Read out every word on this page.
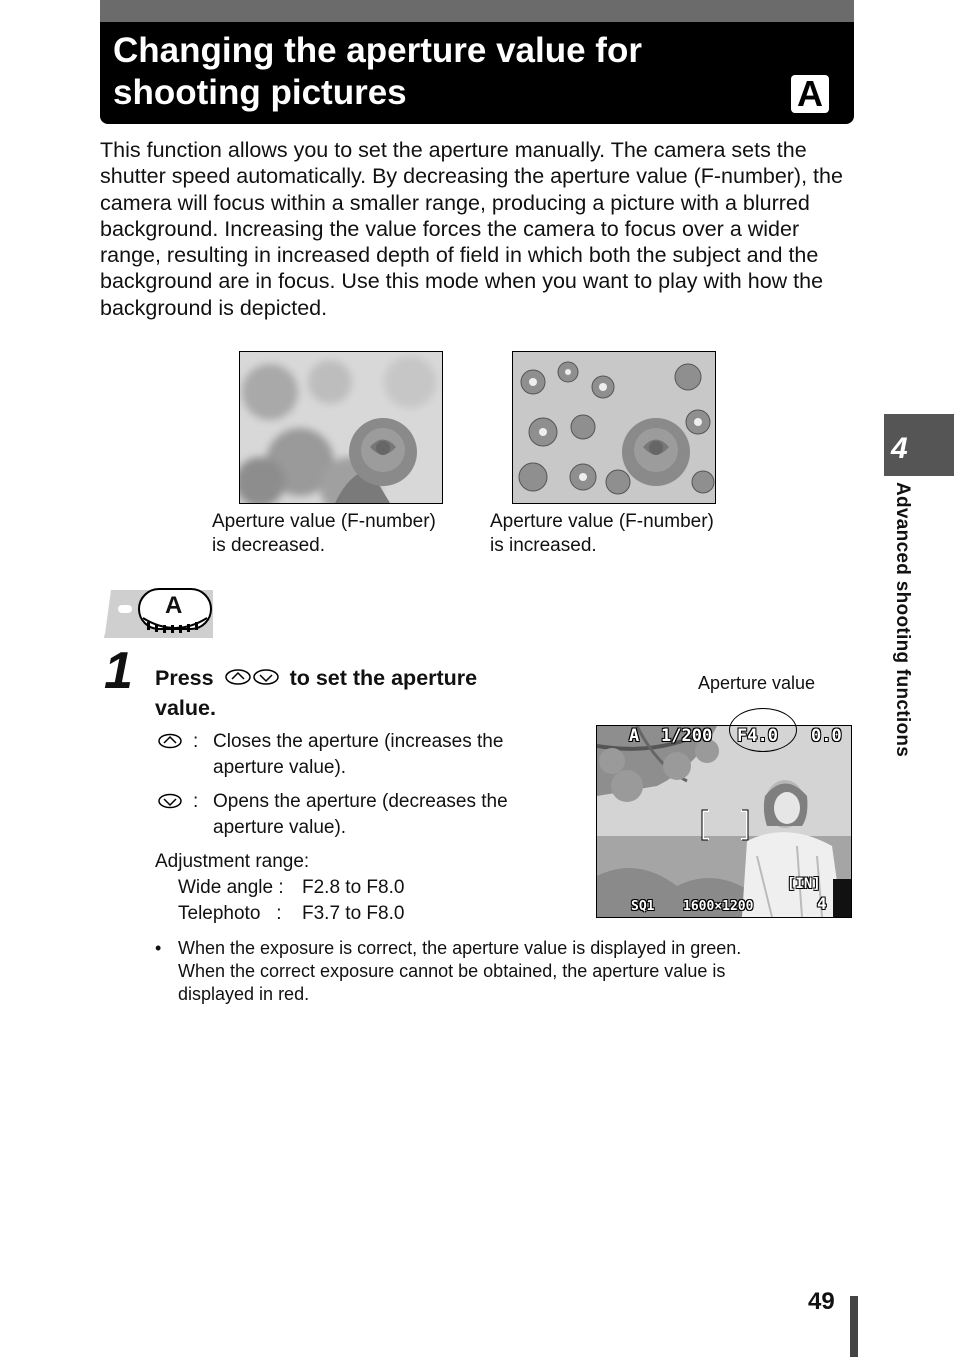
Changing the aperture value for shooting pictures	A
This function allows you to set the aperture manually. The camera sets the shutter speed automatically. By decreasing the aperture value (F-number), the camera will focus within a smaller range, producing a picture with a blurred background. Increasing the value forces the camera to focus over a wider range, resulting in increased depth of field in which both the subject and the background are in focus. Use this mode when you want to play with how the background is depicted.
Aperture value (F-number)
is decreased.
Aperture value (F-number)
is increased.
A
1 Press	to set the aperture
value.
: Closes the aperture (increases the
aperture value).
: Opens the aperture (decreases the
aperture value).
Adjustment range:
Wide angle : F2.8 to F8.0
Telephoto   : F3.7 to F8.0
Aperture value
A 1/200 F4.0 0.0
[IN]
SQ1 1600×1200	4
• When the exposure is correct, the aperture value is displayed in green.
When the correct exposure cannot be obtained, the aperture value is
displayed in red.
4
Advanced shooting functions
49
